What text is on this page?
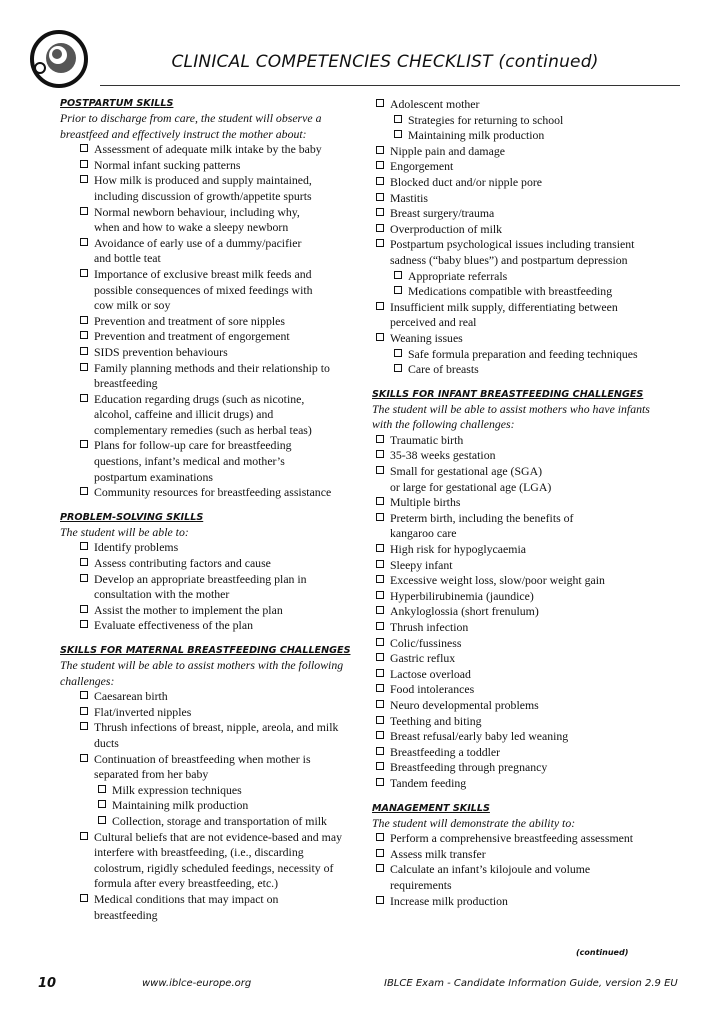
CLINICAL COMPETENCIES CHECKLIST (continued)
POSTPARTUM SKILLS
Prior to discharge from care, the student will observe a
breastfeed and effectively instruct the mother about:
Assessment of adequate milk intake by the baby
Normal infant sucking patterns
How milk is produced and supply maintained,
including discussion of growth/appetite spurts
Normal newborn behaviour, including why,
when and how to wake a sleepy newborn
Avoidance of early use of a dummy/pacifier
and bottle teat
Importance of exclusive breast milk feeds and
possible consequences of mixed feedings with
cow milk or soy
Prevention and treatment of sore nipples
Prevention and treatment of engorgement
SIDS prevention behaviours
Family planning methods and their relationship to
breastfeeding
Education regarding drugs (such as nicotine,
alcohol, caffeine and illicit drugs) and
complementary remedies (such as herbal teas)
Plans for follow-up care for breastfeeding
questions, infant’s medical and mother’s
postpartum examinations
Community resources for breastfeeding assistance
PROBLEM-SOLVING SKILLS
The student will be able to:
Identify problems
Assess contributing factors and cause
Develop an appropriate breastfeeding plan in
consultation with the mother
Assist the mother to implement the plan
Evaluate effectiveness of the plan
SKILLS FOR MATERNAL BREASTFEEDING CHALLENGES
The student will be able to assist mothers with the following
challenges:
Caesarean birth
Flat/inverted nipples
Thrush infections of breast, nipple, areola, and milk
ducts
Continuation of breastfeeding when mother is
separated from her baby
Milk expression techniques
Maintaining milk production
Collection, storage and transportation of milk
Cultural beliefs that are not evidence-based and may
interfere with breastfeeding, (i.e., discarding
colostrum, rigidly scheduled feedings, necessity of
formula after every breastfeeding, etc.)
Medical conditions that may impact on
breastfeeding
Adolescent mother
Strategies for returning to school
Maintaining milk production
Nipple pain and damage
Engorgement
Blocked duct and/or nipple pore
Mastitis
Breast surgery/trauma
Overproduction of milk
Postpartum psychological issues including transient
sadness (“baby blues”) and postpartum depression
Appropriate referrals
Medications compatible with breastfeeding
Insufficient milk supply, differentiating between
perceived and real
Weaning issues
Safe formula preparation and feeding techniques
Care of breasts
SKILLS FOR INFANT BREASTFEEDING CHALLENGES
The student will be able to assist mothers who have infants
with the following challenges:
Traumatic birth
35-38 weeks gestation
Small for gestational age (SGA)
or large for gestational age (LGA)
Multiple births
Preterm birth, including the benefits of
kangaroo care
High risk for hypoglycaemia
Sleepy infant
Excessive weight loss, slow/poor weight gain
Hyperbilirubinemia (jaundice)
Ankyloglossia (short frenulum)
Thrush infection
Colic/fussiness
Gastric reflux
Lactose overload
Food intolerances
Neuro developmental problems
Teething and biting
Breast refusal/early baby led weaning
Breastfeeding a toddler
Breastfeeding through pregnancy
Tandem feeding
MANAGEMENT SKILLS
The student will demonstrate the ability to:
Perform a comprehensive breastfeeding assessment
Assess milk transfer
Calculate an infant’s kilojoule and volume
requirements
Increase milk production
(continued)
10	www.iblce-europe.org	IBLCE Exam - Candidate Information Guide, version 2.9 EU
